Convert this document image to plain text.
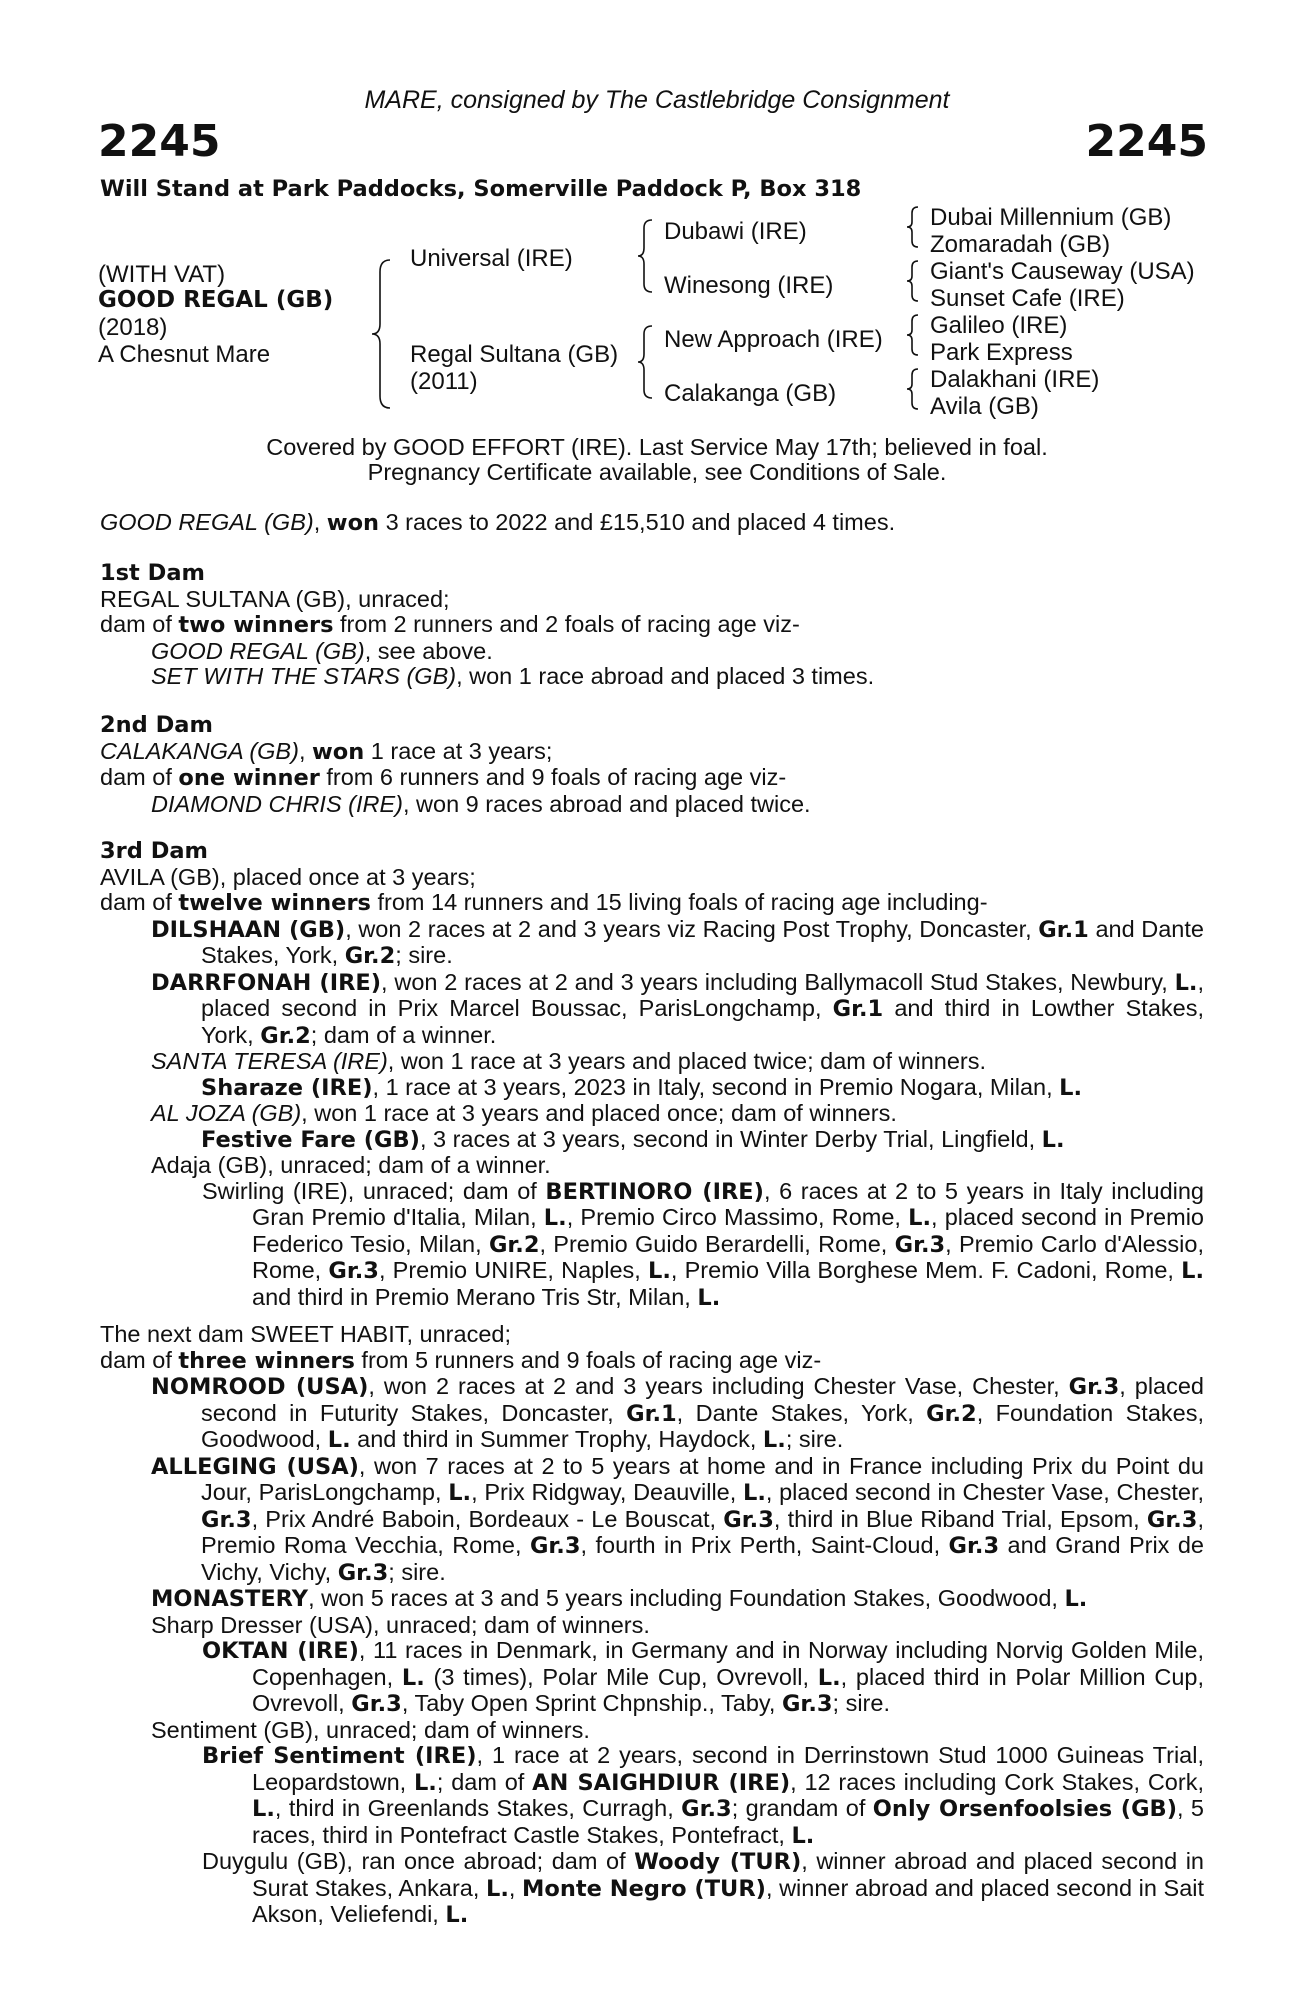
MARE, consigned by The Castlebridge Consignment
2245	2245
Will Stand at Park Paddocks, Somerville Paddock P, Box 318
(WITH VAT)
GOOD REGAL (GB)
(2018)
A Chesnut Mare
Universal (IRE)
Regal Sultana (GB)
(2011)
Dubawi (IRE)
Winesong (IRE)
New Approach (IRE)
Calakanga (GB)
Dubai Millennium (GB)
Zomaradah (GB)
Giant's Causeway (USA)
Sunset Cafe (IRE)
Galileo (IRE)
Park Express
Dalakhani (IRE)
Avila (GB)
Covered by GOOD EFFORT (IRE). Last Service May 17th; believed in foal.
Pregnancy Certificate available, see Conditions of Sale.
GOOD REGAL (GB), won 3 races to 2022 and £15,510 and placed 4 times.
1st Dam
REGAL SULTANA (GB), unraced;
dam of two winners from 2 runners and 2 foals of racing age viz-
GOOD REGAL (GB), see above.
SET WITH THE STARS (GB), won 1 race abroad and placed 3 times.
2nd Dam
CALAKANGA (GB), won 1 race at 3 years;
dam of one winner from 6 runners and 9 foals of racing age viz-
DIAMOND CHRIS (IRE), won 9 races abroad and placed twice.
3rd Dam
AVILA (GB), placed once at 3 years;
dam of twelve winners from 14 runners and 15 living foals of racing age including-
DILSHAAN (GB), won 2 races at 2 and 3 years viz Racing Post Trophy, Doncaster, Gr.1 and Dante Stakes, York, Gr.2; sire.
DARRFONAH (IRE), won 2 races at 2 and 3 years including Ballymacoll Stud Stakes, Newbury, L., placed second in Prix Marcel Boussac, ParisLongchamp, Gr.1 and third in Lowther Stakes, York, Gr.2; dam of a winner.
SANTA TERESA (IRE), won 1 race at 3 years and placed twice; dam of winners.
Sharaze (IRE), 1 race at 3 years, 2023 in Italy, second in Premio Nogara, Milan, L.
AL JOZA (GB), won 1 race at 3 years and placed once; dam of winners.
Festive Fare (GB), 3 races at 3 years, second in Winter Derby Trial, Lingfield, L.
Adaja (GB), unraced; dam of a winner.
Swirling (IRE), unraced; dam of BERTINORO (IRE), 6 races at 2 to 5 years in Italy including Gran Premio d'Italia, Milan, L., Premio Circo Massimo, Rome, L., placed second in Premio Federico Tesio, Milan, Gr.2, Premio Guido Berardelli, Rome, Gr.3, Premio Carlo d'Alessio, Rome, Gr.3, Premio UNIRE, Naples, L., Premio Villa Borghese Mem. F. Cadoni, Rome, L. and third in Premio Merano Tris Str, Milan, L.
The next dam SWEET HABIT, unraced;
dam of three winners from 5 runners and 9 foals of racing age viz-
NOMROOD (USA), won 2 races at 2 and 3 years including Chester Vase, Chester, Gr.3, placed second in Futurity Stakes, Doncaster, Gr.1, Dante Stakes, York, Gr.2, Foundation Stakes, Goodwood, L. and third in Summer Trophy, Haydock, L.; sire.
ALLEGING (USA), won 7 races at 2 to 5 years at home and in France including Prix du Point du Jour, ParisLongchamp, L., Prix Ridgway, Deauville, L., placed second in Chester Vase, Chester, Gr.3, Prix André Baboin, Bordeaux - Le Bouscat, Gr.3, third in Blue Riband Trial, Epsom, Gr.3, Premio Roma Vecchia, Rome, Gr.3, fourth in Prix Perth, Saint-Cloud, Gr.3 and Grand Prix de Vichy, Vichy, Gr.3; sire.
MONASTERY, won 5 races at 3 and 5 years including Foundation Stakes, Goodwood, L.
Sharp Dresser (USA), unraced; dam of winners.
OKTAN (IRE), 11 races in Denmark, in Germany and in Norway including Norvig Golden Mile, Copenhagen, L. (3 times), Polar Mile Cup, Ovrevoll, L., placed third in Polar Million Cup, Ovrevoll, Gr.3, Taby Open Sprint Chpnship., Taby, Gr.3; sire.
Sentiment (GB), unraced; dam of winners.
Brief Sentiment (IRE), 1 race at 2 years, second in Derrinstown Stud 1000 Guineas Trial, Leopardstown, L.; dam of AN SAIGHDIUR (IRE), 12 races including Cork Stakes, Cork, L., third in Greenlands Stakes, Curragh, Gr.3; grandam of Only Orsenfoolsies (GB), 5 races, third in Pontefract Castle Stakes, Pontefract, L.
Duygulu (GB), ran once abroad; dam of Woody (TUR), winner abroad and placed second in Surat Stakes, Ankara, L., Monte Negro (TUR), winner abroad and placed second in Sait Akson, Veliefendi, L.
